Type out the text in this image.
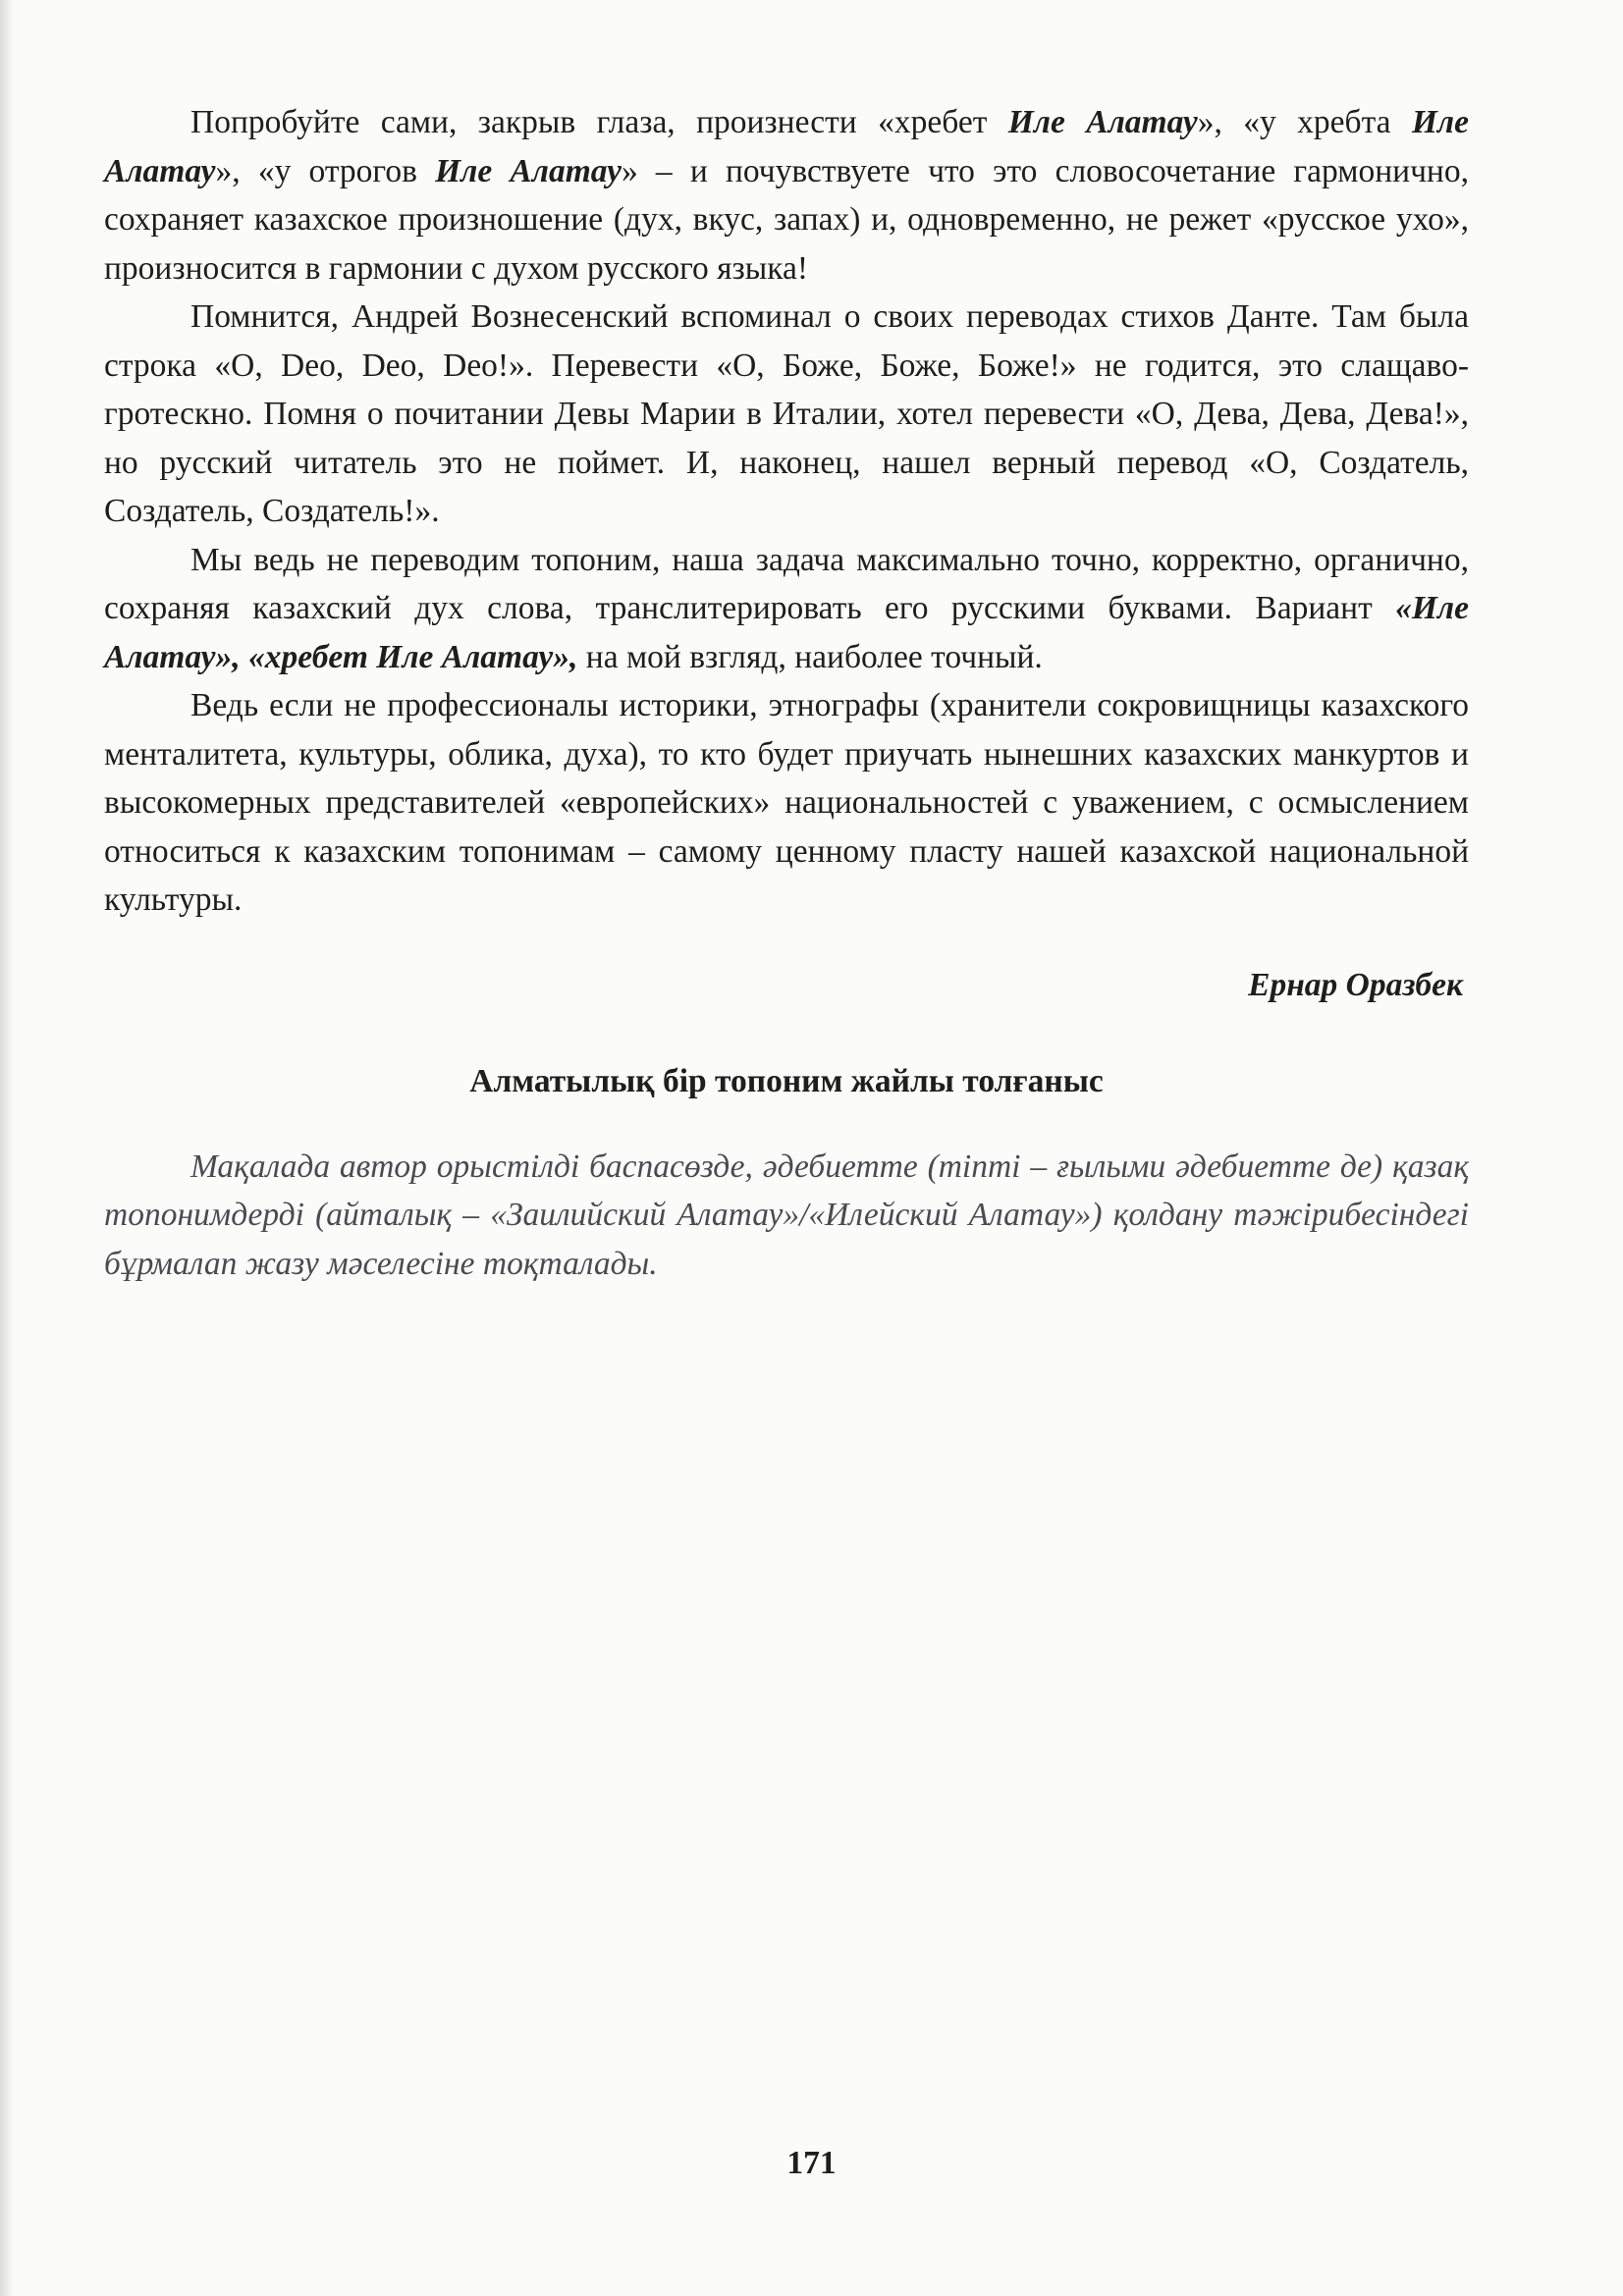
Попробуйте сами, закрыв глаза, произнести «хребет Иле Алатау», «у хребта Иле Алатау», «у отрогов Иле Алатау» – и почувствуете что это словосочетание гармонично, сохраняет казахское произношение (дух, вкус, запах) и, одновременно, не режет «русское ухо», произносится в гармонии с духом русского языка!

Помнится, Андрей Вознесенский вспоминал о своих переводах стихов Данте. Там была строка «О, Deo, Deo, Deo!». Перевести «О, Боже, Боже, Боже!» не годится, это слащаво-гротескно. Помня о почитании Девы Марии в Италии, хотел перевести «О, Дева, Дева, Дева!», но русский читатель это не поймет. И, наконец, нашел верный перевод «О, Создатель, Создатель, Создатель!».

Мы ведь не переводим топоним, наша задача максимально точно, корректно, органично, сохраняя казахский дух слова, транслитерировать его русскими буквами. Вариант «Иле Алатау», «хребет Иле Алатау», на мой взгляд, наиболее точный.

Ведь если не профессионалы историки, этнографы (хранители сокровищницы казахского менталитета, культуры, облика, духа), то кто будет приучать нынешних казахских манкуртов и высокомерных представителей «европейских» национальностей с уважением, с осмыслением относиться к казахским топонимам – самому ценному пласту нашей казахской национальной культуры.

Ернар Оразбек
Алматылық бір топоним жайлы толғаныс

Мақалада автор орыстілді баспасөзде, әдебиетте (тіпті – ғылыми әдебиетте де) қазақ топонимдерді (айталық – «Заилийский Алатау»/«Илейский Алатау») қолдану тәжірибесіндегі бұрмалап жазу мәселесіне тоқталады.

171
